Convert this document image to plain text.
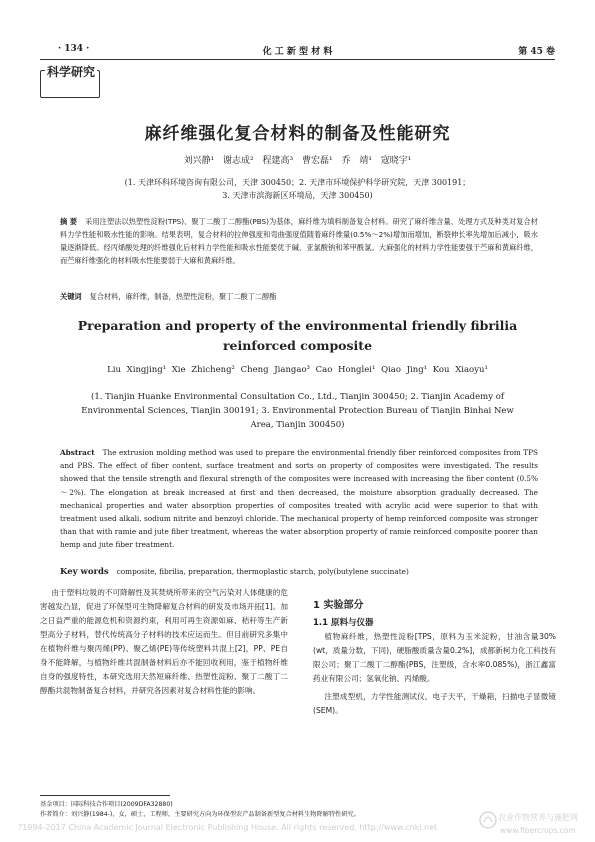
· 134 ·	化 工 新 型 材 料	第 45 卷
科学研究
麻纤维强化复合材料的制备及性能研究
刘兴静¹ 谢志成² 程建高³ 曹宏磊¹ 乔 靖¹ 寇晓宇¹
(1. 天津环科环境咨询有限公司，天津 300450；2. 天津市环境保护科学研究院，天津 300191；
3. 天津市滨海新区环境局，天津 300450)
摘 要 采用注塑法以热塑性淀粉(TPS)、聚丁二酸丁二醇酯(PBS)为基体，麻纤维为填料制备复合材料。研究了麻纤维含量、处理方式及种类对复合材料力学性能和吸水性能的影响。结果表明，复合材料的拉伸强度和弯曲强度值随着麻纤维量(0.5%～2%)增加而增加，断裂伸长率先增加后减小，吸水量逐渐降低。经丙烯酸处理的纤维强化后材料力学性能和吸水性能要优于碱、亚氯酸钠和苯甲酰氯。大麻强化的材料力学性能要强于苎麻和黄麻纤维，而苎麻纤维强化的材料吸水性能要弱于大麻和黄麻纤维。
关键词 复合材料，麻纤维，制备，热塑性淀粉，聚丁二酸丁二醇酯
Preparation and property of the environmental friendly fibrilia reinforced composite
Liu Xingjing¹ Xie Zhicheng² Cheng Jiangao³ Cao Honglei¹ Qiao Jing¹ Kou Xiaoyu¹
(1. Tianjin Huanke Environmental Consultation Co., Ltd., Tianjin 300450; 2. Tianjin Academy of Environmental Sciences, Tianjin 300191; 3. Environmental Protection Bureau of Tianjin Binhai New Area, Tianjin 300450)
Abstract The extrusion molding method was used to prepare the environmental friendly fiber reinforced composites from TPS and PBS. The effect of fiber content, surface treatment and sorts on property of composites were investigated. The results showed that the tensile strength and flexural strength of the composites were increased with increasing the fiber content (0.5%～2%). The elongation at break increased at first and then decreased, the moisture absorption gradually decreased. The mechanical properties and water absorption properties of composites treated with acrylic acid were superior to that with treatment used alkali, sodium nitrite and benzoyl chloride. The mechanical property of hemp reinforced composite was stronger than that with ramie and jute fiber treatment, whereas the water absorption property of ramie reinforced composite poorer than hemp and jute fiber treatment.
Key words composite, fibrilia, preparation, thermoplastic starch, poly(butylene succinate)
由于塑料垃圾的不可降解性及其焚烧所带来的空气污染对人体健康的危害越发凸显，促进了环保型可生物降解复合材料的研发及市场开拓[1]。加之日益严重的能源危机和资源约束，利用可再生资源如麻、秸秆等生产新型高分子材料，替代传统高分子材料的技术应运而生。但目前研究多集中在植物纤维与聚丙烯(PP)、聚乙烯(PE)等传统塑料共混上[2]，PP、PE自身不能降解，与植物纤维共混制备材料后亦不能回收利用，鉴于植物纤维自身的强度特性，本研究选用天然短麻纤维、热塑性淀粉、聚丁二酸丁二醇酯共混物制备复合材料，并研究各因素对复合材料性能的影响。
1 实验部分
1.1 原料与仪器

植物麻纤维，热塑性淀粉[TPS，原料为玉米淀粉，甘油含量30%(wt，质量分数，下同)，硬脂酸质量含量0.2%]，成都新柯力化工科技有限公司；聚丁二酸丁二醇酯(PBS，注塑级，含水率0.085%)，浙江鑫富药业有限公司；氢氧化钠、丙烯酸。

注塑成型机，力学性能测试仪，电子天平，干燥箱，扫描电子显微镜(SEM)。

基金项目：国际科技合作项目(2009DFA32880)
作者简介：刘兴静(1984-)，女，硕士，工程师，主要研究方向为环保型农产品制备新型复合材料生物降解特性研究。
?1994-2017 China Academic Journal Electronic Publishing House. All rights reserved. http://www.cnki.net
农业作物营养与施肥网
www.fibercrops.com
